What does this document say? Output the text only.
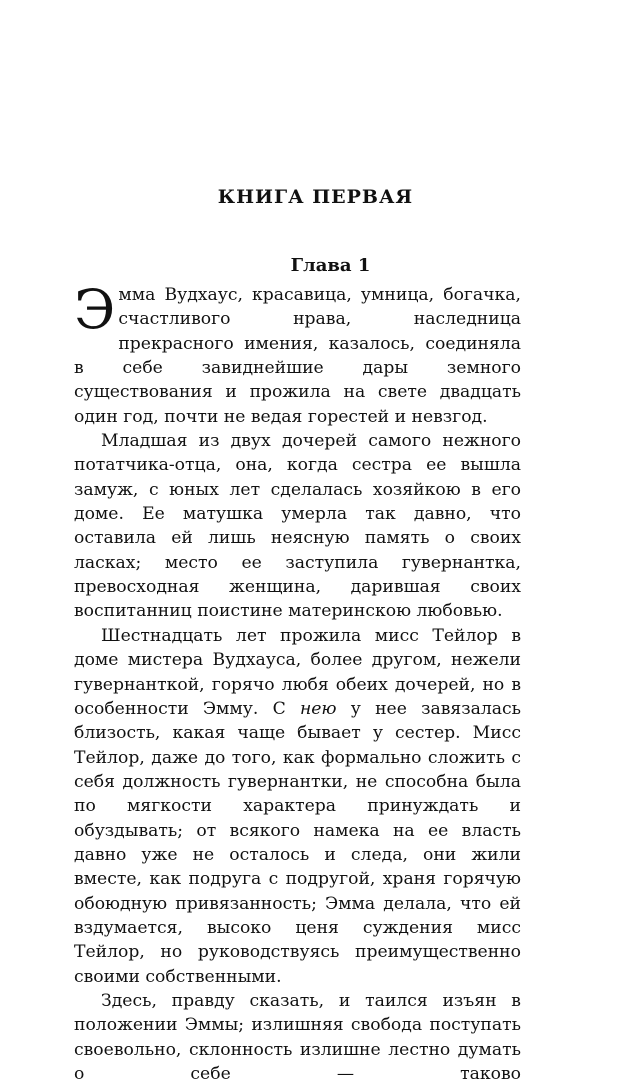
КНИГА ПЕРВАЯ
Глава 1

Эмма Вудхаус, красавица, умница, богачка, счастливого нрава, наследница прекрасного имения, казалось, соединяла в себе завиднейшие дары земного существования и прожила на свете двадцать один год, почти не ведая горестей и невзгод.

Младшая из двух дочерей самого нежного потатчика-отца, она, когда сестра ее вышла замуж, с юных лет сделалась хозяйкою в его доме. Ее матушка умерла так давно, что оставила ей лишь неясную память о своих ласках; место ее заступила гувернантка, превосходная женщина, дарившая своих воспитанниц поистине материнскою любовью.

Шестнадцать лет прожила мисс Тейлор в доме мистера Вудхауса, более другом, нежели гувернанткой, горячо любя обеих дочерей, но в особенности Эмму. С нею у нее завязалась близость, какая чаще бывает у сестер. Мисс Тейлор, даже до того, как формально сложить с себя должность гувернантки, не способна была по мягкости характера принуждать и обуздывать; от всякого намека на ее власть давно уже не осталось и следа, они жили вместе, как подруга с подругой, храня горячую обоюдную привязанность; Эмма делала, что ей вздумается, высоко ценя суждения мисс Тейлор, но руководствуясь преимущественно своими собственными.

Здесь, правду сказать, и таился изъян в положении Эммы; излишняя свобода поступать своевольно, склонность излишне лестно думать о себе — таково
